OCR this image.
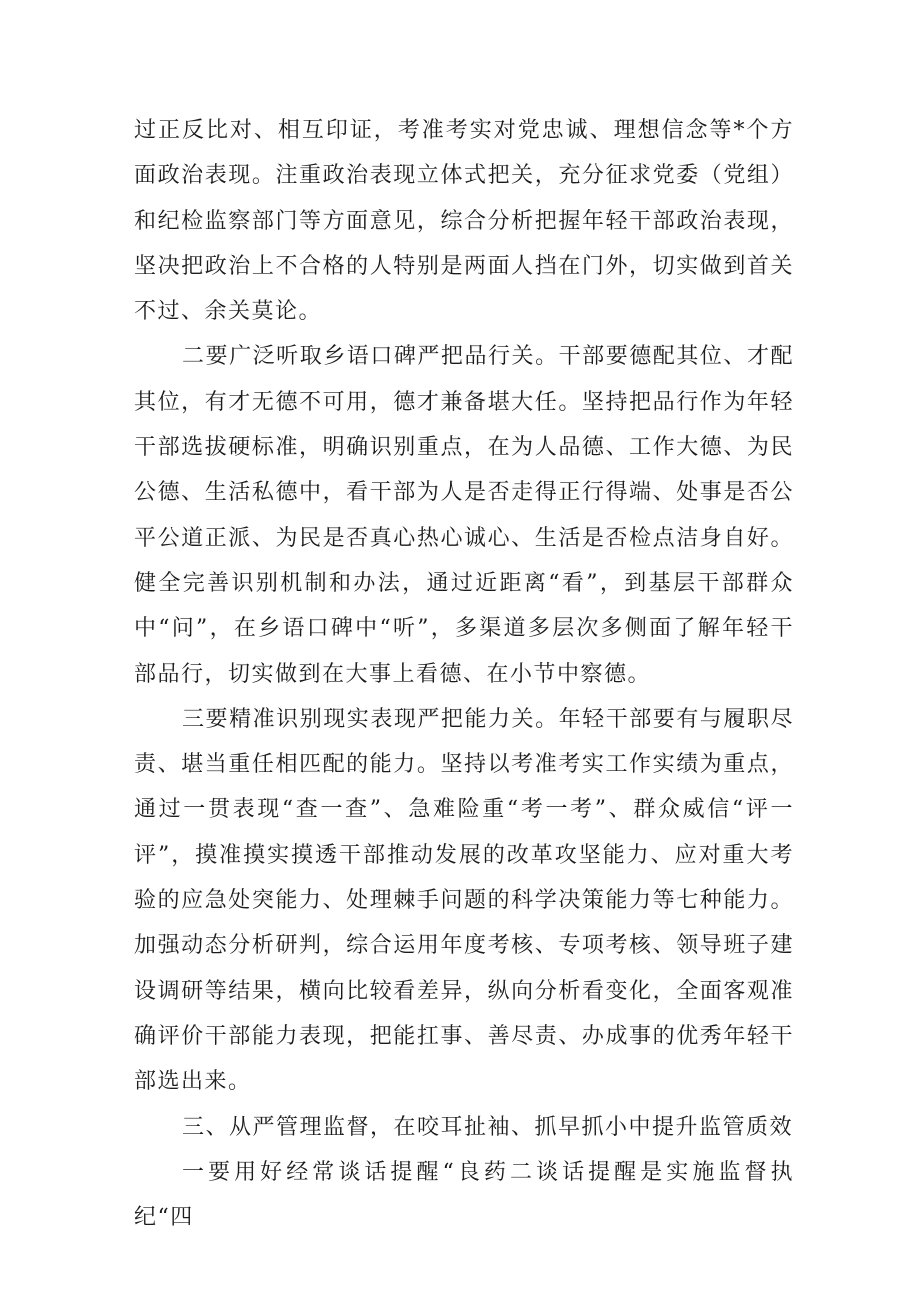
过正反比对、相互印证，考准考实对党忠诚、理想信念等*个方面政治表现。注重政治表现立体式把关，充分征求党委（党组）和纪检监察部门等方面意见，综合分析把握年轻干部政治表现，坚决把政治上不合格的人特别是两面人挡在门外，切实做到首关不过、余关莫论。

二要广泛听取乡语口碑严把品行关。干部要德配其位、才配其位，有才无德不可用，德才兼备堪大任。坚持把品行作为年轻干部选拔硬标准，明确识别重点，在为人品德、工作大德、为民公德、生活私德中，看干部为人是否走得正行得端、处事是否公平公道正派、为民是否真心热心诚心、生活是否检点洁身自好。健全完善识别机制和办法，通过近距离“看”，到基层干部群众中“问”，在乡语口碑中“听”，多渠道多层次多侧面了解年轻干部品行，切实做到在大事上看德、在小节中察德。

三要精准识别现实表现严把能力关。年轻干部要有与履职尽责、堪当重任相匹配的能力。坚持以考准考实工作实绩为重点，通过一贯表现“查一查”、急难险重“考一考”、群众威信“评一评”，摸准摸实摸透干部推动发展的改革攻坚能力、应对重大考验的应急处突能力、处理棘手问题的科学决策能力等七种能力。加强动态分析研判，综合运用年度考核、专项考核、领导班子建设调研等结果，横向比较看差异，纵向分析看变化，全面客观准确评价干部能力表现，把能扛事、善尽责、办成事的优秀年轻干部选出来。

三、从严管理监督，在咬耳扯袖、抓早抓小中提升监管质效

一要用好经常谈话提醒“良药二谈话提醒是实施监督执纪“四
